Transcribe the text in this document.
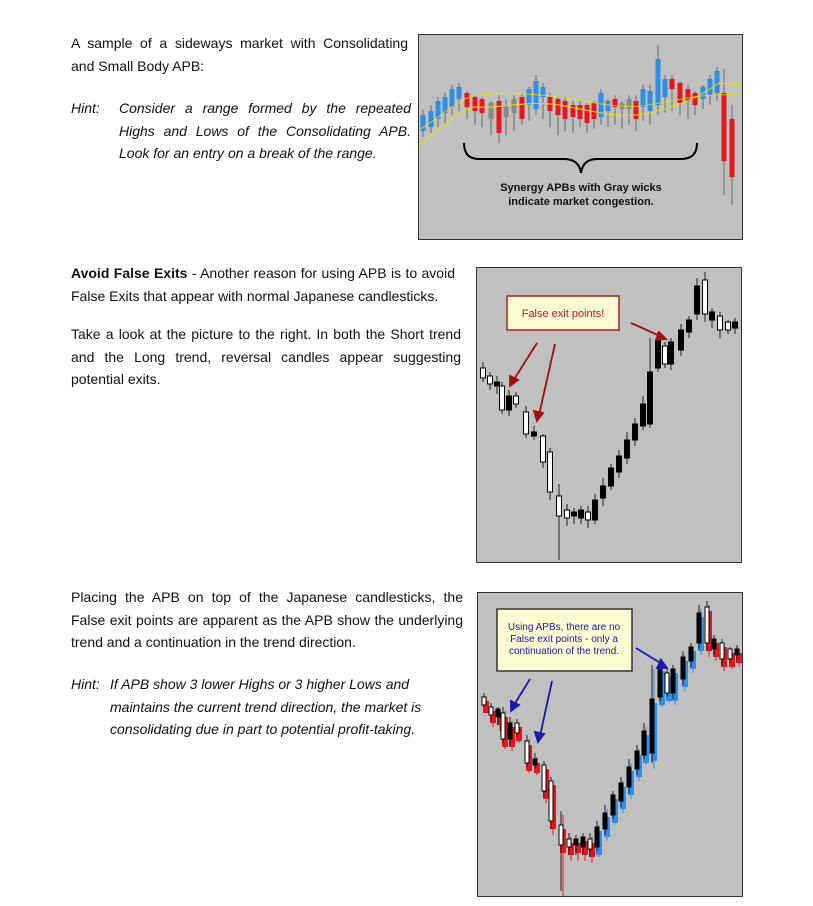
A sample of a sideways market with Consolidating and Small Body APB:
Hint: Consider a range formed by the repeated Highs and Lows of the Consolidating APB. Look for an entry on a break of the range.
Synergy APBs with Gray wicks
indicate market congestion.
Avoid False Exits - Another reason for using APB is to avoid False Exits that appear with normal Japanese candlesticks.
Take a look at the picture to the right. In both the Short trend and the Long trend, reversal candles appear suggesting potential exits.
False exit points!
Placing the APB on top of the Japanese candlesticks, the False exit points are apparent as the APB show the underlying trend and a continuation in the trend direction.
Hint: If APB show 3 lower Highs or 3 higher Lows and maintains the current trend direction, the market is consolidating due in part to potential profit-taking.
Using APBs, there are no
False exit points - only a
continuation of the trend.
